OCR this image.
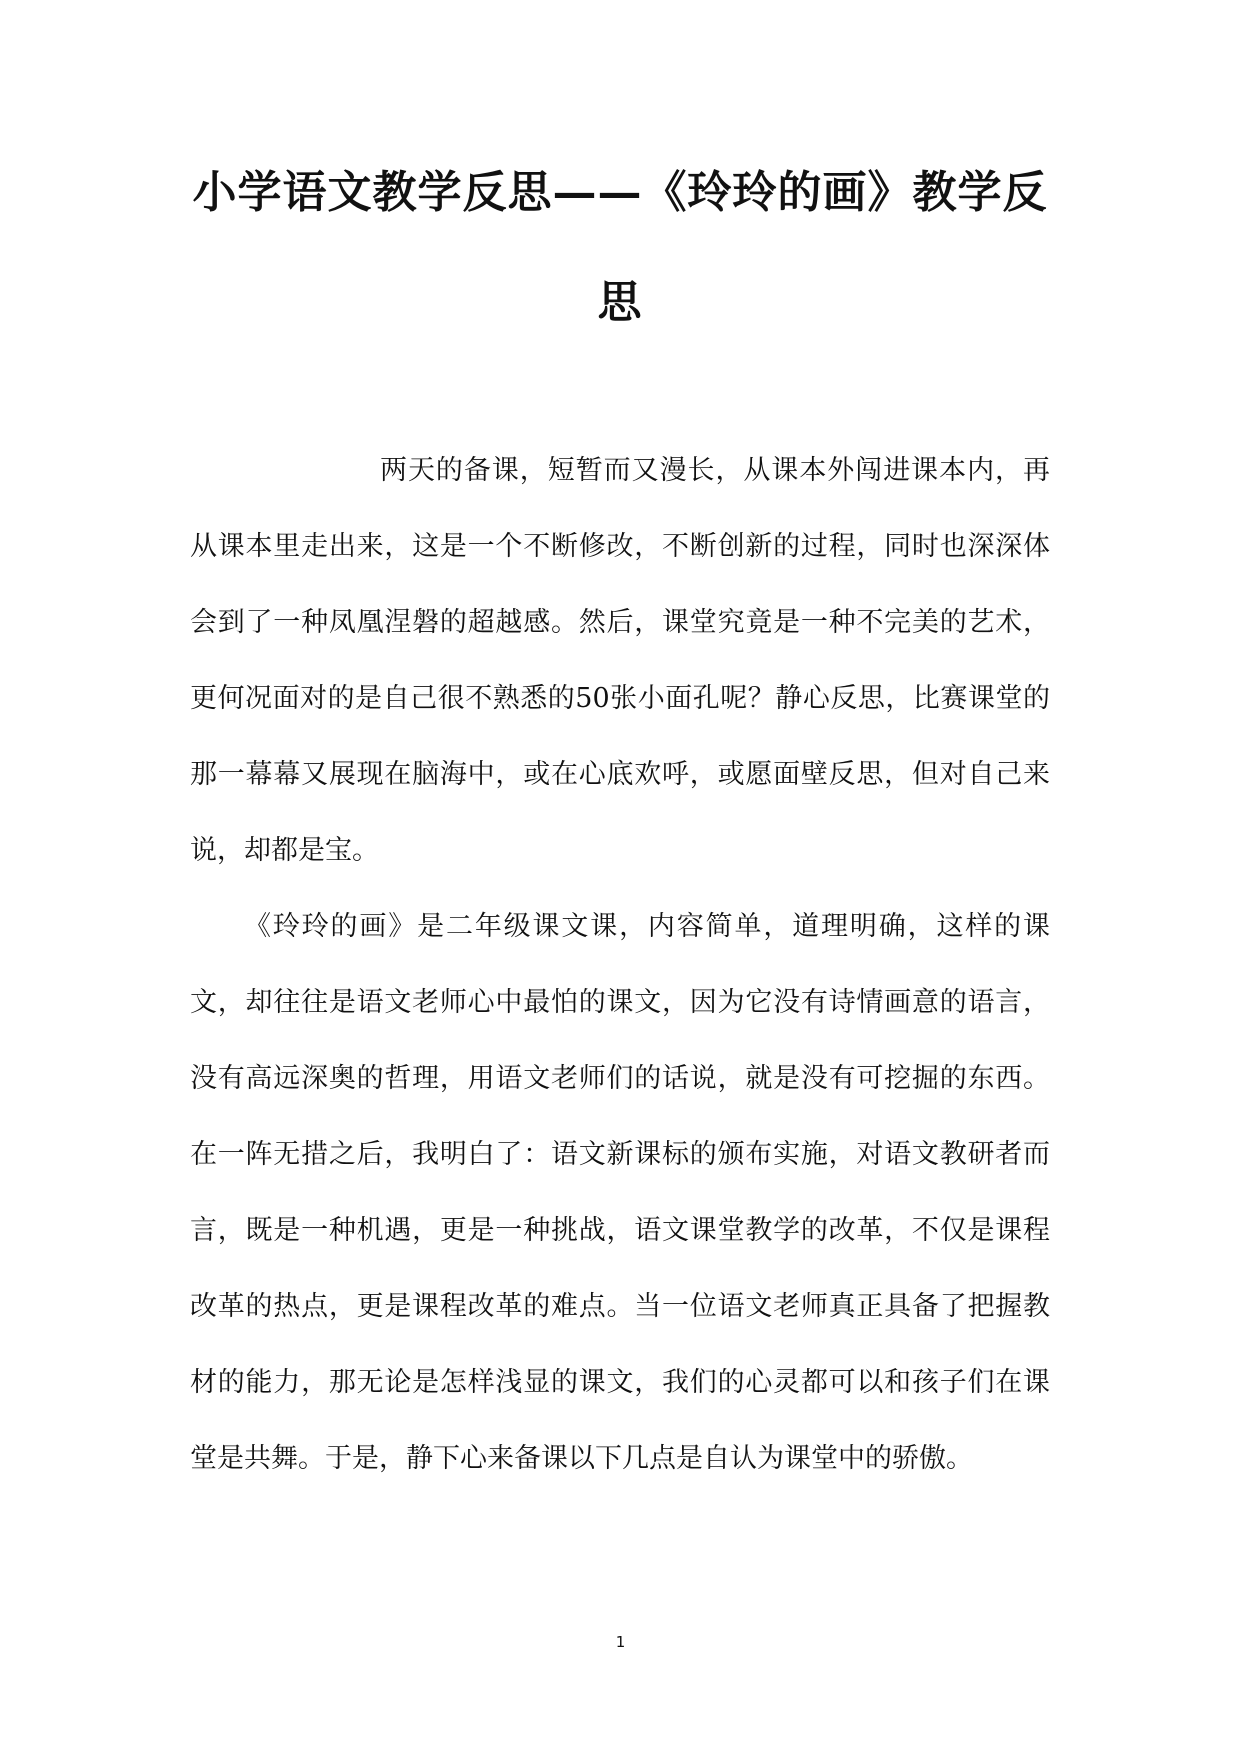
小学语文教学反思——《玲玲的画》教学反思

两天的备课，短暂而又漫长，从课本外闯进课本内，再从课本里走出来，这是一个不断修改，不断创新的过程，同时也深深体会到了一种凤凰涅磐的超越感。然后，课堂究竟是一种不完美的艺术，更何况面对的是自己很不熟悉的50张小面孔呢？静心反思，比赛课堂的那一幕幕又展现在脑海中，或在心底欢呼，或愿面壁反思，但对自己来说，却都是宝。

《玲玲的画》是二年级课文课，内容简单，道理明确，这样的课文，却往往是语文老师心中最怕的课文，因为它没有诗情画意的语言，没有高远深奥的哲理，用语文老师们的话说，就是没有可挖掘的东西。在一阵无措之后，我明白了：语文新课标的颁布实施，对语文教研者而言，既是一种机遇，更是一种挑战，语文课堂教学的改革，不仅是课程改革的热点，更是课程改革的难点。当一位语文老师真正具备了把握教材的能力，那无论是怎样浅显的课文，我们的心灵都可以和孩子们在课堂是共舞。于是，静下心来备课以下几点是自认为课堂中的骄傲。

1
